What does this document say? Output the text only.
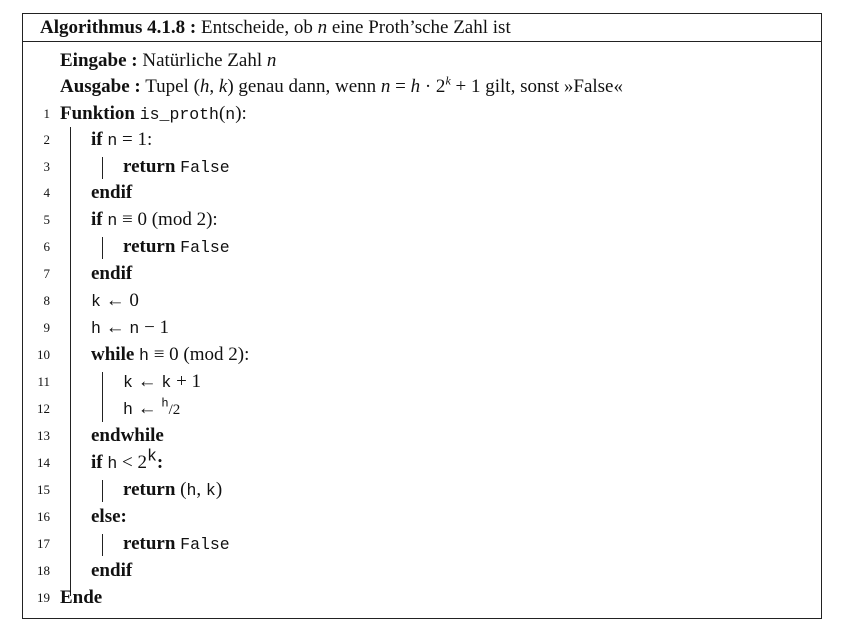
Algorithmus 4.1.8 : Entscheide, ob n eine Proth’sche Zahl ist
Eingabe : Natürliche Zahl n
Ausgabe : Tupel (h, k) genau dann, wenn $n = h \cdot 2^k + 1$ gilt, sonst »False«
1
2
3
4
5
6
7
8
9
10
11
12
13
14
15
16
17
18
19
Funktion is_proth(n):
if n = 1:
return False
endif
if n ≡ 0 (mod 2):
return False
endif
k ← 0
h ← n − 1
while h ≡ 0 (mod 2):
k ← k + 1
h ← $^h$/2
endwhile
if $h < 2^k$:
return (h, k)
else:
return False
endif
Ende
